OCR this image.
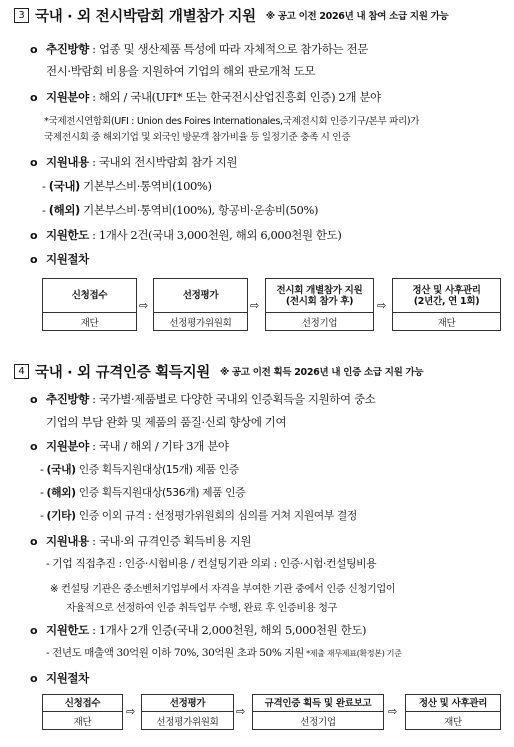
3 국내 · 외 전시박람회 개별참가 지원 ※ 공고 이전 2026년 내 참여 소급 지원 가능
o 추진방향 : 업종 및 생산제품 특성에 따라 자체적으로 참가하는 전문
전시·박람회 비용을 지원하여 기업의 해외 판로개척 도모
o 지원분야 : 해외 / 국내(UFI* 또는 한국전시산업진흥회 인증) 2개 분야
*국제전시연합회(UFI : Union des Foires Internationales,국제전시회 인증기구/본부 파리)가
국제전시회 중 해외기업 및 외국인 방문객 참가비율 등 일정기준 충족 시 인증
o 지원내용 : 국내외 전시박람회 참가 지원
- (국내) 기본부스비·통역비(100%)
- (해외) 기본부스비·통역비(100%), 항공비·운송비(50%)
o 지원한도 : 1개사 2건(국내 3,000천원, 해외 6,000천원 한도)
o 지원절차
신청접수
재단
⇨
선정평가
선정평가위원회
⇨
전시회 개별참가 지원
(전시회 참가 후)
선정기업
⇨
정산 및 사후관리
(2년간, 연 1회)
재단
4 국내 · 외 규격인증 획득지원 ※ 공고 이전 획득 2026년 내 인증 소급 지원 가능
o 추진방향 : 국가별·제품별로 다양한 국내외 인증획득을 지원하여 중소
기업의 부담 완화 및 제품의 품질·신뢰 향상에 기여
o 지원분야 : 국내 / 해외 / 기타 3개 분야
- (국내) 인증 획득지원대상(15개) 제품 인증
- (해외) 인증 획득지원대상(536개) 제품 인증
- (기타) 인증 이외 규격 : 선정평가위원회의 심의를 거쳐 지원여부 결정
o 지원내용 : 국내·외 규격인증 획득비용 지원
- 기업 직접추진 : 인증·시험비용 / 컨설팅기관 의뢰 : 인증·시험·컨설팅비용
※ 컨설팅 기관은 중소벤처기업부에서 자격을 부여한 기관 중에서 인증 신청기업이
자율적으로 선정하여 인증 취득업무 수행, 완료 후 인증비용 청구
o 지원한도 : 1개사 2개 인증(국내 2,000천원, 해외 5,000천원 한도)
- 전년도 매출액 30억원 이하 70%, 30억원 초과 50% 지원 *제출 재무제표(확정본) 기준
o 지원절차
신청접수
재단
⇨
선정평가
선정평가위원회
⇨
규격인증 획득 및 완료보고
선정기업
⇨
정산 및 사후관리
재단
